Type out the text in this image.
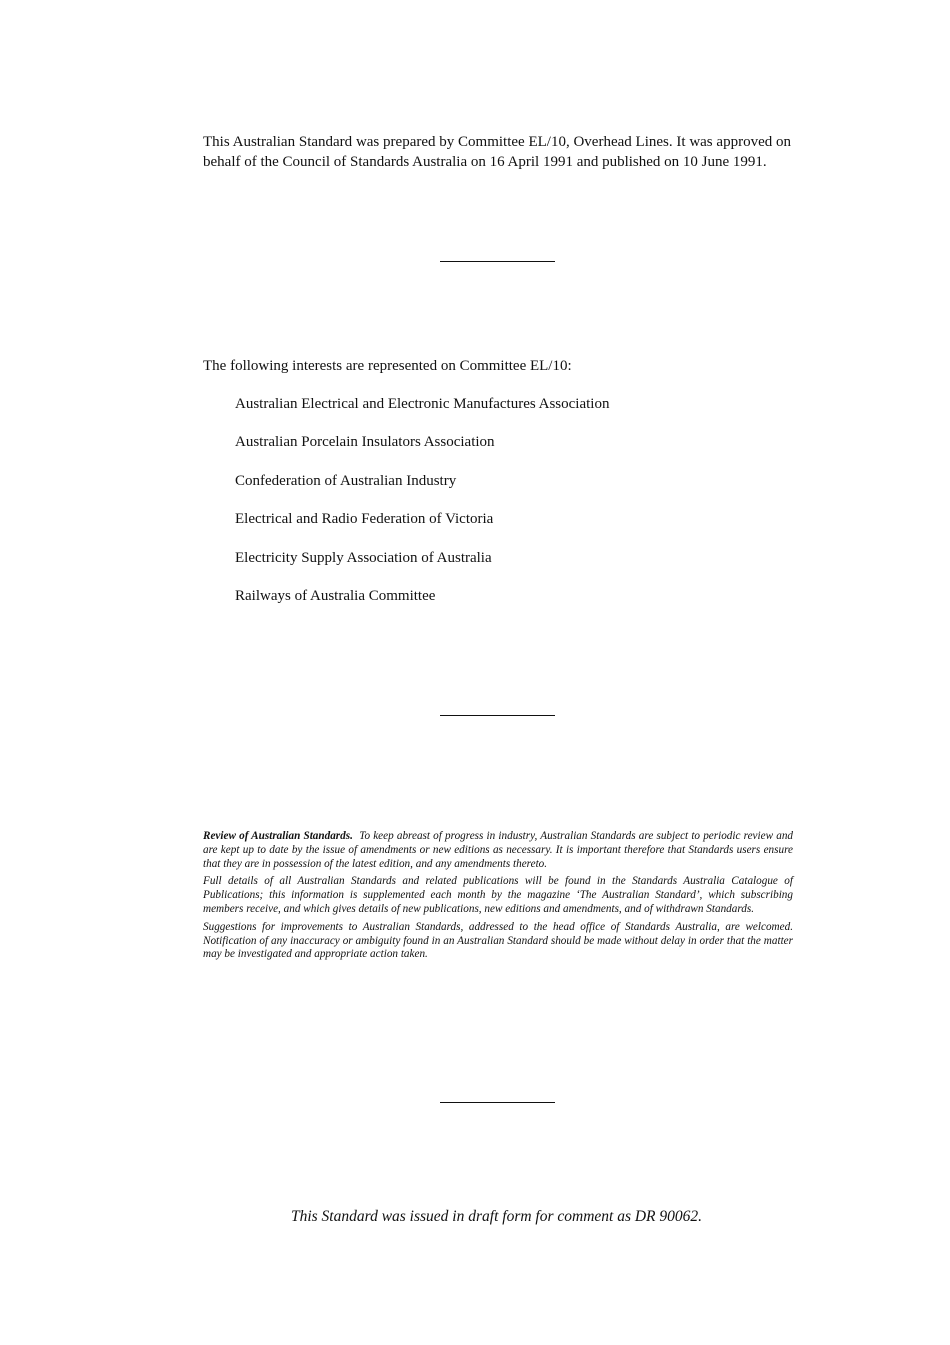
This Australian Standard was prepared by Committee EL/10, Overhead Lines. It was approved on behalf of the Council of Standards Australia on 16 April 1991 and published on 10 June 1991.

The following interests are represented on Committee EL/10:

Australian Electrical and Electronic Manufactures Association
Australian Porcelain Insulators Association
Confederation of Australian Industry
Electrical and Radio Federation of Victoria
Electricity Supply Association of Australia
Railways of Australia Committee

Review of Australian Standards. To keep abreast of progress in industry, Australian Standards are subject to periodic review and are kept up to date by the issue of amendments or new editions as necessary. It is important therefore that Standards users ensure that they are in possession of the latest edition, and any amendments thereto.

Full details of all Australian Standards and related publications will be found in the Standards Australia Catalogue of Publications; this information is supplemented each month by the magazine ‘The Australian Standard’, which subscribing members receive, and which gives details of new publications, new editions and amendments, and of withdrawn Standards.

Suggestions for improvements to Australian Standards, addressed to the head office of Standards Australia, are welcomed. Notification of any inaccuracy or ambiguity found in an Australian Standard should be made without delay in order that the matter may be investigated and appropriate action taken.

This Standard was issued in draft form for comment as DR 90062.
